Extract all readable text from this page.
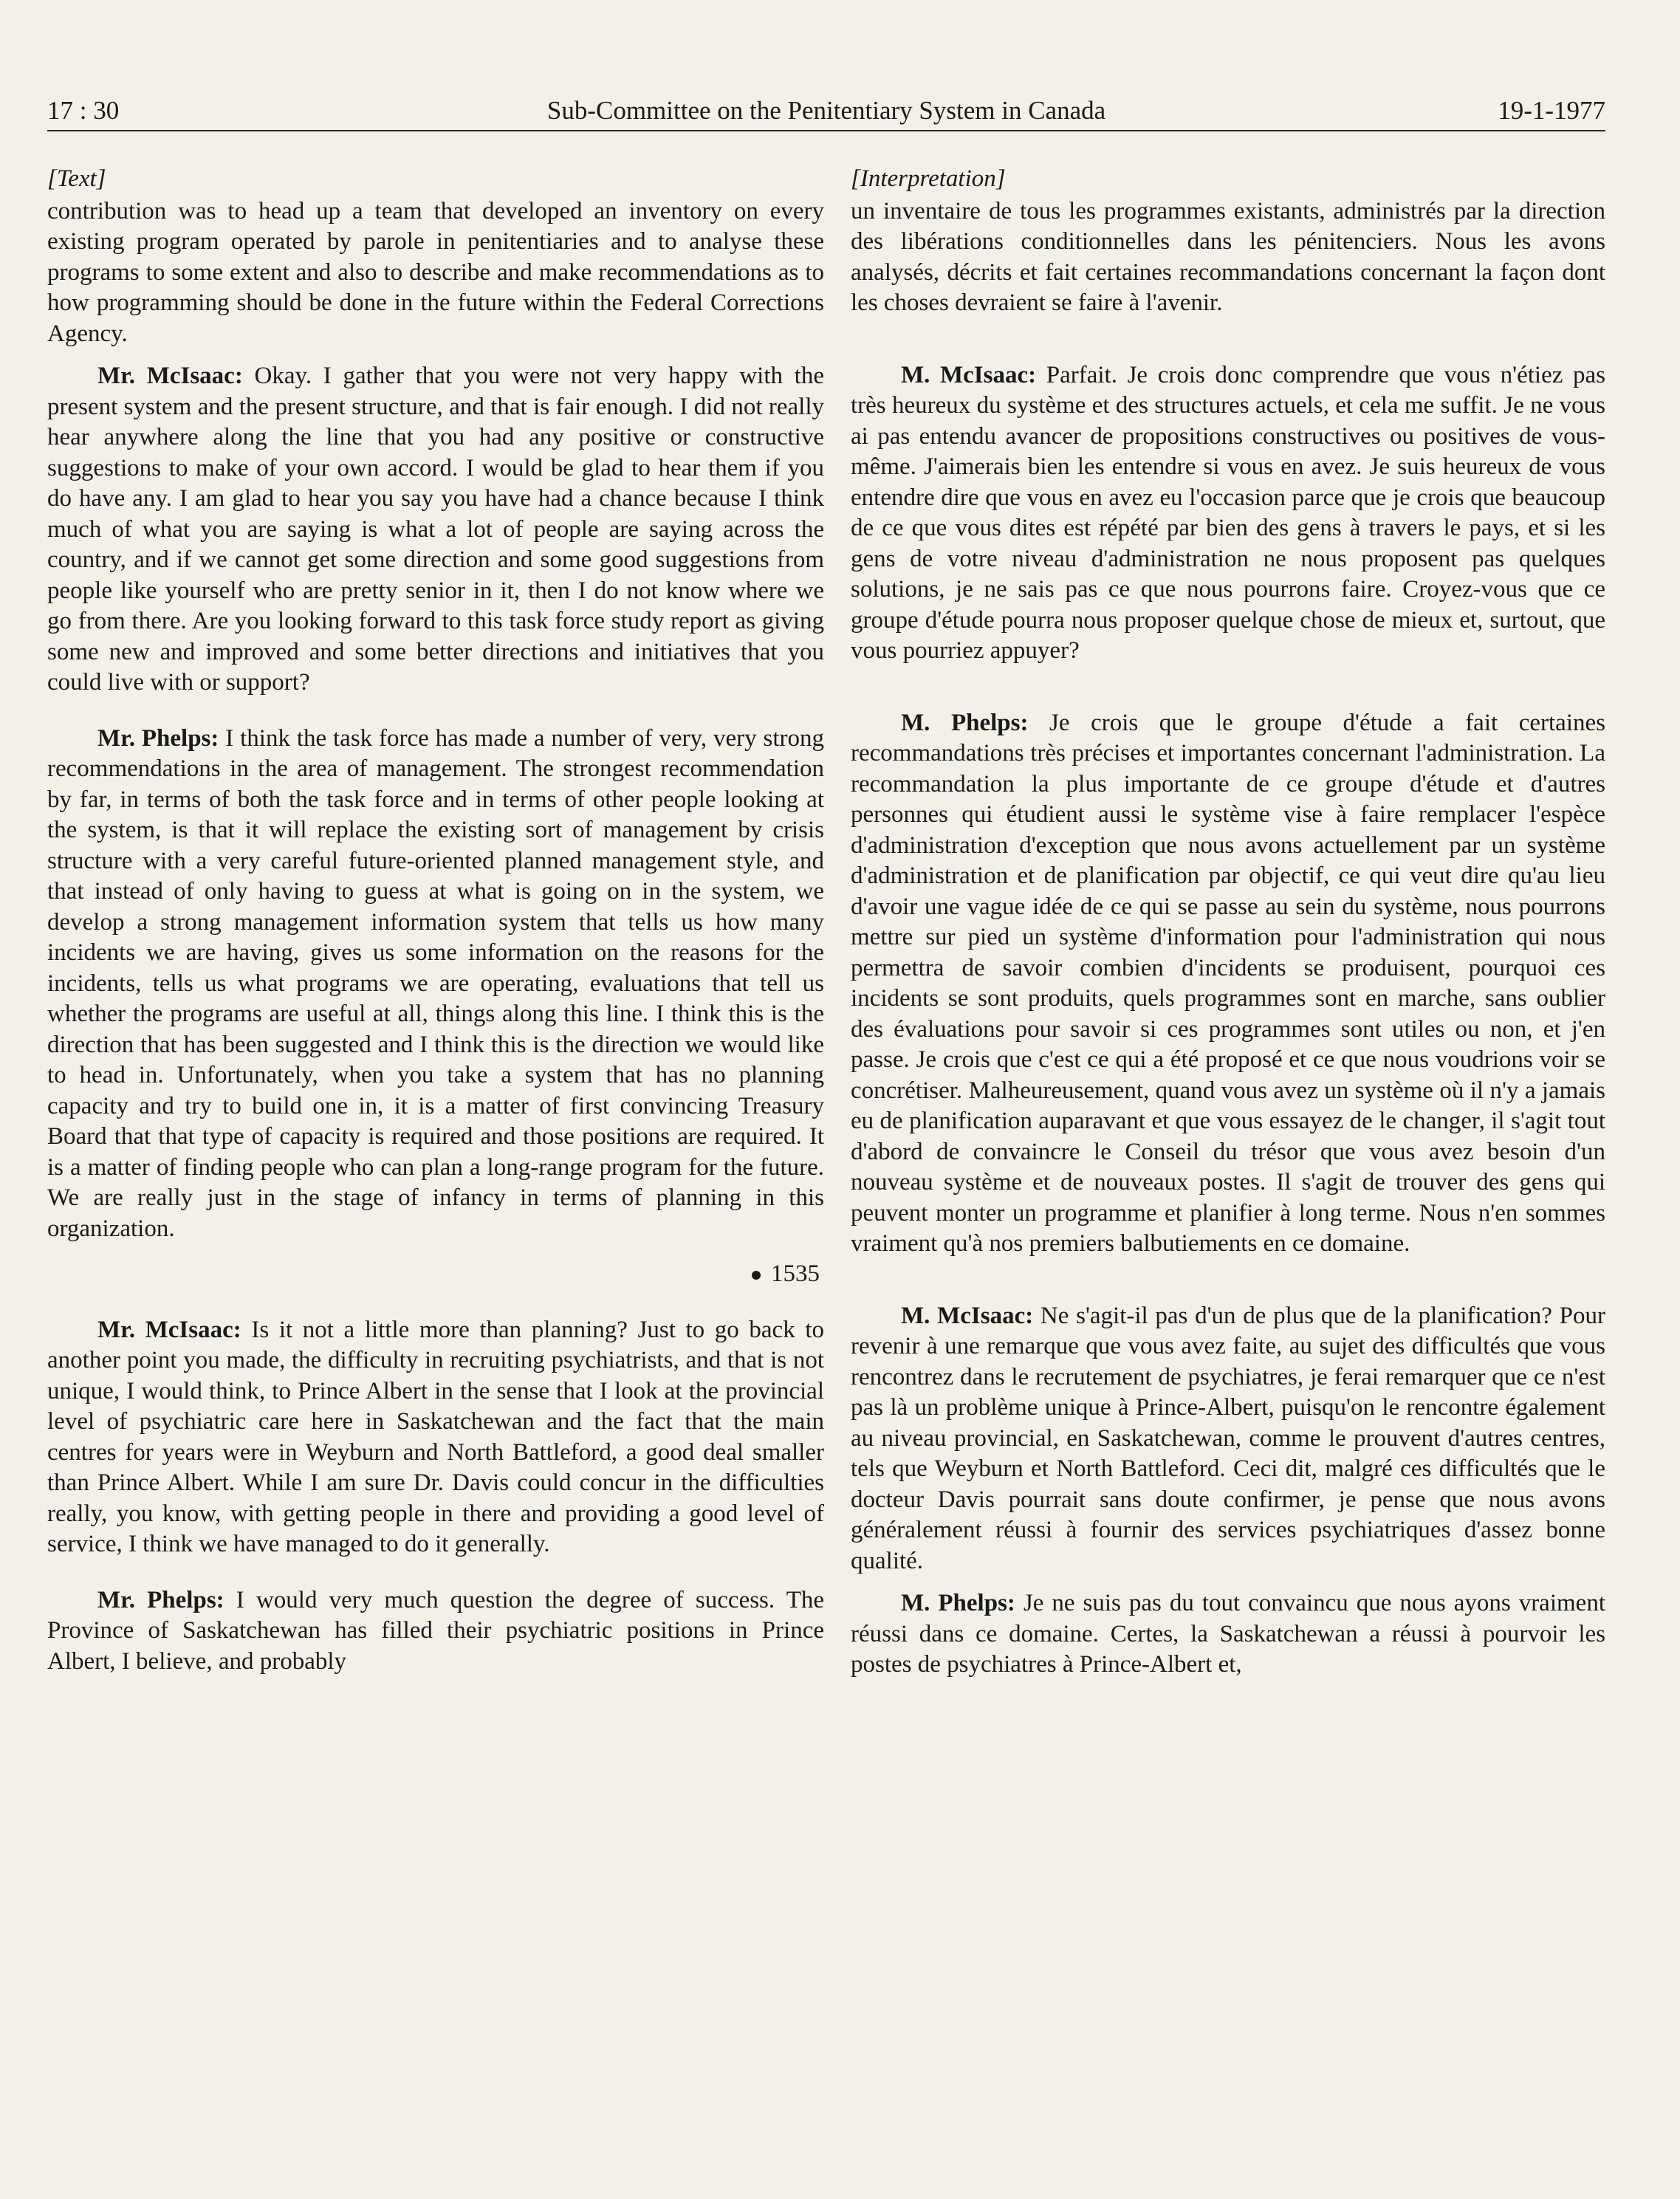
Sub-Committee on the Penitentiary System in Canada
17 : 30	19-1-1977
[Text]

contribution was to head up a team that developed an inventory on every existing program operated by parole in penitentiaries and to analyse these programs to some extent and also to describe and make recommendations as to how programming should be done in the future within the Federal Corrections Agency.

Mr. McIsaac: Okay. I gather that you were not very happy with the present system and the present structure, and that is fair enough. I did not really hear anywhere along the line that you had any positive or constructive suggestions to make of your own accord. I would be glad to hear them if you do have any. I am glad to hear you say you have had a chance because I think much of what you are saying is what a lot of people are saying across the country, and if we cannot get some direction and some good suggestions from people like yourself who are pretty senior in it, then I do not know where we go from there. Are you looking forward to this task force study report as giving some new and improved and some better directions and initiatives that you could live with or support?

Mr. Phelps: I think the task force has made a number of very, very strong recommendations in the area of management. The strongest recommendation by far, in terms of both the task force and in terms of other people looking at the system, is that it will replace the existing sort of management by crisis structure with a very careful future-oriented planned management style, and that instead of only having to guess at what is going on in the system, we develop a strong management information system that tells us how many incidents we are having, gives us some information on the reasons for the incidents, tells us what programs we are operating, evaluations that tell us whether the programs are useful at all, things along this line. I think this is the direction that has been suggested and I think this is the direction we would like to head in. Unfortunately, when you take a system that has no planning capacity and try to build one in, it is a matter of first convincing Treasury Board that that type of capacity is required and those positions are required. It is a matter of finding people who can plan a long-range program for the future. We are really just in the stage of infancy in terms of planning in this organization.

1535

Mr. McIsaac: Is it not a little more than planning? Just to go back to another point you made, the difficulty in recruiting psychiatrists, and that is not unique, I would think, to Prince Albert in the sense that I look at the provincial level of psychiatric care here in Saskatchewan and the fact that the main centres for years were in Weyburn and North Battleford, a good deal smaller than Prince Albert. While I am sure Dr. Davis could concur in the difficulties really, you know, with getting people in there and providing a good level of service, I think we have managed to do it generally.

Mr. Phelps: I would very much question the degree of success. The Province of Saskatchewan has filled their psychiatric positions in Prince Albert, I believe, and probably

[Interpretation]

un inventaire de tous les programmes existants, administrés par la direction des libérations conditionnelles dans les pénitenciers. Nous les avons analysés, décrits et fait certaines recommandations concernant la façon dont les choses devraient se faire à l'avenir.

M. McIsaac: Parfait. Je crois donc comprendre que vous n'étiez pas très heureux du système et des structures actuels, et cela me suffit. Je ne vous ai pas entendu avancer de propositions constructives ou positives de vous-même. J'aimerais bien les entendre si vous en avez. Je suis heureux de vous entendre dire que vous en avez eu l'occasion parce que je crois que beaucoup de ce que vous dites est répété par bien des gens à travers le pays, et si les gens de votre niveau d'administration ne nous proposent pas quelques solutions, je ne sais pas ce que nous pourrons faire. Croyez-vous que ce groupe d'étude pourra nous proposer quelque chose de mieux et, surtout, que vous pourriez appuyer?

M. Phelps: Je crois que le groupe d'étude a fait certaines recommandations très précises et importantes concernant l'administration. La recommandation la plus importante de ce groupe d'étude et d'autres personnes qui étudient aussi le système vise à faire remplacer l'espèce d'administration d'exception que nous avons actuellement par un système d'administration et de planification par objectif, ce qui veut dire qu'au lieu d'avoir une vague idée de ce qui se passe au sein du système, nous pourrons mettre sur pied un système d'information pour l'administration qui nous permettra de savoir combien d'incidents se produisent, pourquoi ces incidents se sont produits, quels programmes sont en marche, sans oublier des évaluations pour savoir si ces programmes sont utiles ou non, et j'en passe. Je crois que c'est ce qui a été proposé et ce que nous voudrions voir se concrétiser. Malheureusement, quand vous avez un système où il n'y a jamais eu de planification auparavant et que vous essayez de le changer, il s'agit tout d'abord de convaincre le Conseil du trésor que vous avez besoin d'un nouveau système et de nouveaux postes. Il s'agit de trouver des gens qui peuvent monter un programme et planifier à long terme. Nous n'en sommes vraiment qu'à nos premiers balbutiements en ce domaine.

M. McIsaac: Ne s'agit-il pas d'un de plus que de la planification? Pour revenir à une remarque que vous avez faite, au sujet des difficultés que vous rencontrez dans le recrutement de psychiatres, je ferai remarquer que ce n'est pas là un problème unique à Prince-Albert, puisqu'on le rencontre également au niveau provincial, en Saskatchewan, comme le prouvent d'autres centres, tels que Weyburn et North Battleford. Ceci dit, malgré ces difficultés que le docteur Davis pourrait sans doute confirmer, je pense que nous avons généralement réussi à fournir des services psychiatriques d'assez bonne qualité.

M. Phelps: Je ne suis pas du tout convaincu que nous ayons vraiment réussi dans ce domaine. Certes, la Saskatchewan a réussi à pourvoir les postes de psychiatres à Prince-Albert et,
